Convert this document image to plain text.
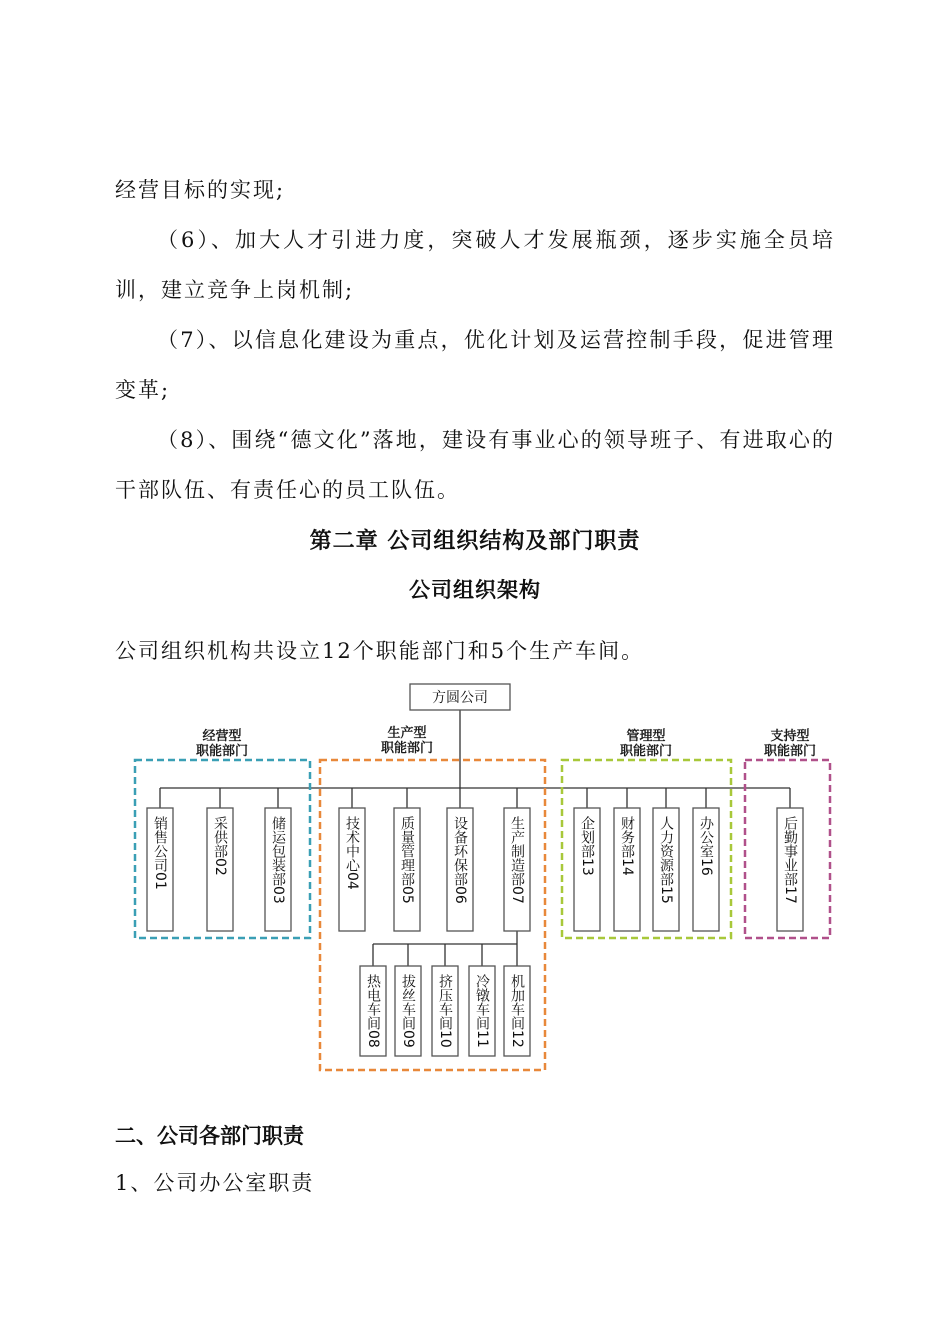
经营目标的实现;

（6）、加大人才引进力度，突破人才发展瓶颈，逐步实施全员培训，建立竞争上岗机制;

（7）、以信息化建设为重点，优化计划及运营控制手段，促进管理变革;

（8）、围绕“德文化”落地，建设有事业心的领导班子、有进取心的干部队伍、有责任心的员工队伍。

第二章 公司组织结构及部门职责
公司组织架构

公司组织机构共设立12个职能部门和5个生产车间。

经营型
职能部门
生产型
职能部门
管理型
职能部门
支持型
职能部门
方圆公司
销售公司01	采供部02	储运包装部03	技术中心04	质量管理部05	设备环保部06	生产制造部07	企划部13 财务部14 人力资源部15 办公室16	后勤事业部17
热电车间08 拔丝车间09 挤压车间10 冷镦车间11 机加车间12

二、公司各部门职责

1、公司办公室职责
